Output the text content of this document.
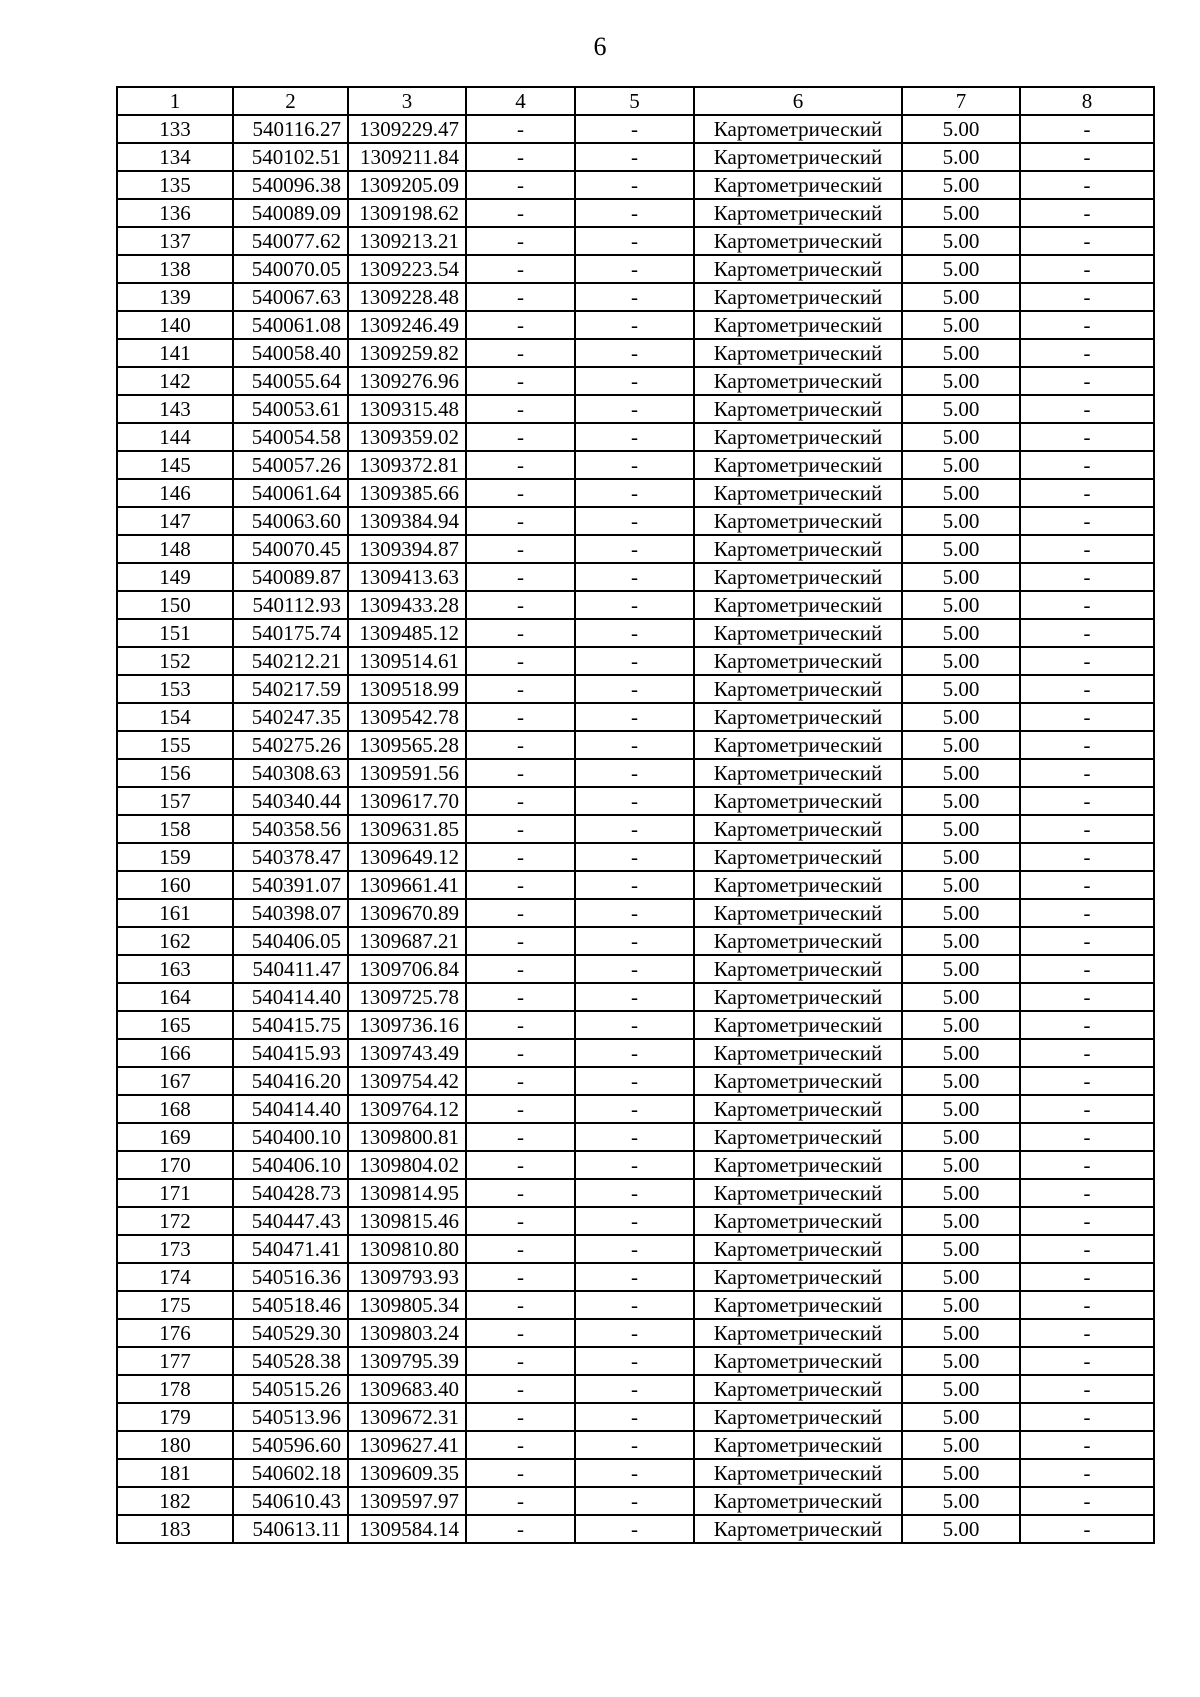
6
1	2	3	4	5	6	7	8
133	540116.27	1309229.47	-	-	Картометрический	5.00	-
134	540102.51	1309211.84	-	-	Картометрический	5.00	-
135	540096.38	1309205.09	-	-	Картометрический	5.00	-
136	540089.09	1309198.62	-	-	Картометрический	5.00	-
137	540077.62	1309213.21	-	-	Картометрический	5.00	-
138	540070.05	1309223.54	-	-	Картометрический	5.00	-
139	540067.63	1309228.48	-	-	Картометрический	5.00	-
140	540061.08	1309246.49	-	-	Картометрический	5.00	-
141	540058.40	1309259.82	-	-	Картометрический	5.00	-
142	540055.64	1309276.96	-	-	Картометрический	5.00	-
143	540053.61	1309315.48	-	-	Картометрический	5.00	-
144	540054.58	1309359.02	-	-	Картометрический	5.00	-
145	540057.26	1309372.81	-	-	Картометрический	5.00	-
146	540061.64	1309385.66	-	-	Картометрический	5.00	-
147	540063.60	1309384.94	-	-	Картометрический	5.00	-
148	540070.45	1309394.87	-	-	Картометрический	5.00	-
149	540089.87	1309413.63	-	-	Картометрический	5.00	-
150	540112.93	1309433.28	-	-	Картометрический	5.00	-
151	540175.74	1309485.12	-	-	Картометрический	5.00	-
152	540212.21	1309514.61	-	-	Картометрический	5.00	-
153	540217.59	1309518.99	-	-	Картометрический	5.00	-
154	540247.35	1309542.78	-	-	Картометрический	5.00	-
155	540275.26	1309565.28	-	-	Картометрический	5.00	-
156	540308.63	1309591.56	-	-	Картометрический	5.00	-
157	540340.44	1309617.70	-	-	Картометрический	5.00	-
158	540358.56	1309631.85	-	-	Картометрический	5.00	-
159	540378.47	1309649.12	-	-	Картометрический	5.00	-
160	540391.07	1309661.41	-	-	Картометрический	5.00	-
161	540398.07	1309670.89	-	-	Картометрический	5.00	-
162	540406.05	1309687.21	-	-	Картометрический	5.00	-
163	540411.47	1309706.84	-	-	Картометрический	5.00	-
164	540414.40	1309725.78	-	-	Картометрический	5.00	-
165	540415.75	1309736.16	-	-	Картометрический	5.00	-
166	540415.93	1309743.49	-	-	Картометрический	5.00	-
167	540416.20	1309754.42	-	-	Картометрический	5.00	-
168	540414.40	1309764.12	-	-	Картометрический	5.00	-
169	540400.10	1309800.81	-	-	Картометрический	5.00	-
170	540406.10	1309804.02	-	-	Картометрический	5.00	-
171	540428.73	1309814.95	-	-	Картометрический	5.00	-
172	540447.43	1309815.46	-	-	Картометрический	5.00	-
173	540471.41	1309810.80	-	-	Картометрический	5.00	-
174	540516.36	1309793.93	-	-	Картометрический	5.00	-
175	540518.46	1309805.34	-	-	Картометрический	5.00	-
176	540529.30	1309803.24	-	-	Картометрический	5.00	-
177	540528.38	1309795.39	-	-	Картометрический	5.00	-
178	540515.26	1309683.40	-	-	Картометрический	5.00	-
179	540513.96	1309672.31	-	-	Картометрический	5.00	-
180	540596.60	1309627.41	-	-	Картометрический	5.00	-
181	540602.18	1309609.35	-	-	Картометрический	5.00	-
182	540610.43	1309597.97	-	-	Картометрический	5.00	-
183	540613.11	1309584.14	-	-	Картометрический	5.00	-
